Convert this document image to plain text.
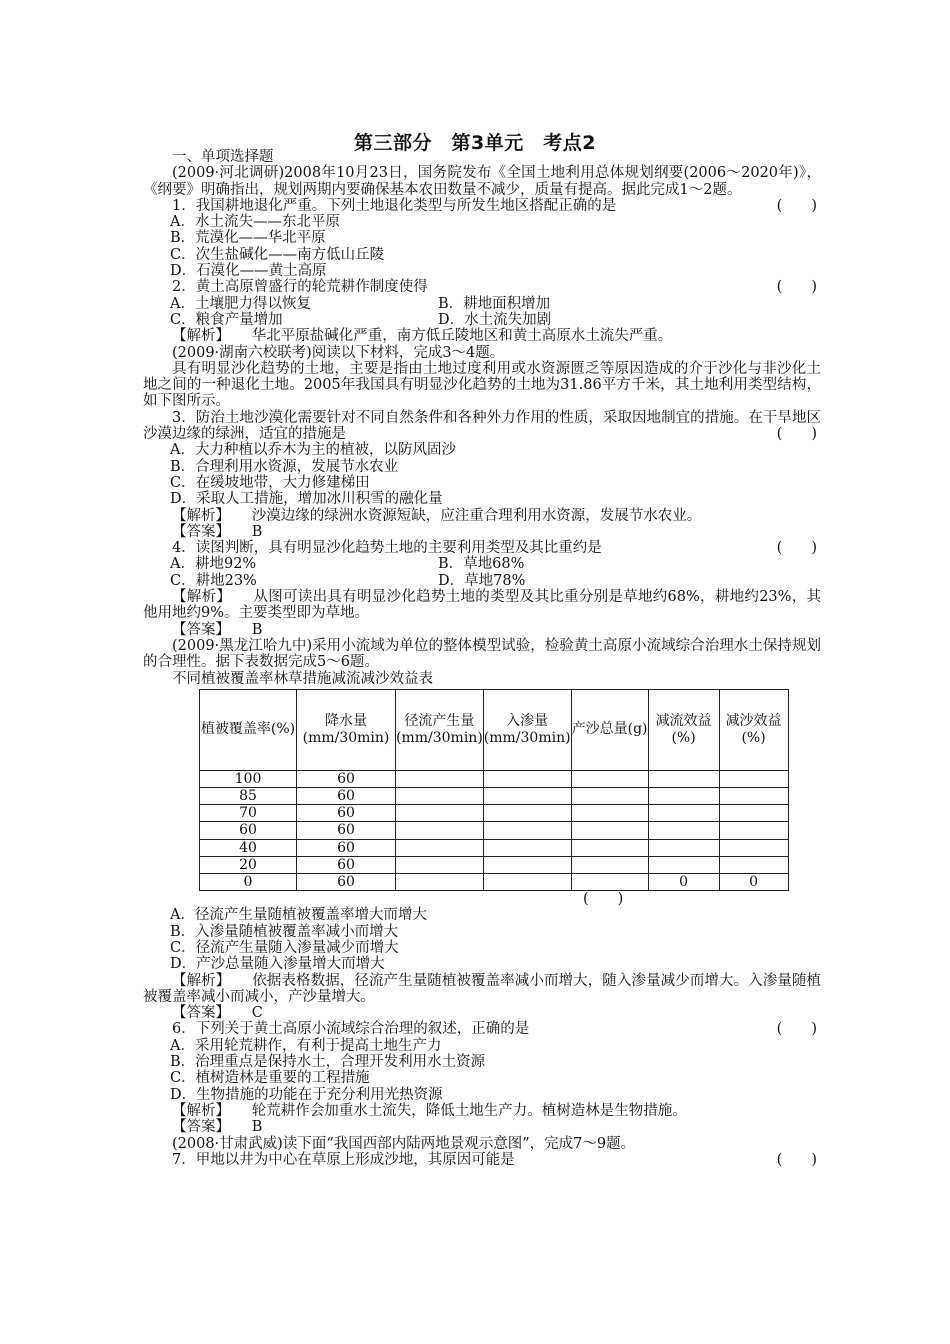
第三部分　第3单元　考点2

一、单项选择题

(2009·河北调研)2008年10月23日，国务院发布《全国土地利用总体规划纲要(2006～2020年)》，《纲要》明确指出，规划两期内要确保基本农田数量不减少，质量有提高。据此完成1～2题。

1．我国耕地退化严重。下列土地退化类型与所发生地区搭配正确的是	(　　)

A．水土流失——东北平原

B．荒漠化——华北平原

C．次生盐碱化——南方低山丘陵

D．石漠化——黄土高原

2．黄土高原曾盛行的轮荒耕作制度使得	(　　)
A．土壤肥力得以恢复	B．耕地面积增加
C．粮食产量增加	D．水土流失加剧

【解析】　　 华北平原盐碱化严重，南方低丘陵地区和黄土高原水土流失严重。

(2009·湖南六校联考)阅读以下材料，完成3～4题。

具有明显沙化趋势的土地，主要是指由土地过度利用或水资源匮乏等原因造成的介于沙化与非沙化土地之间的一种退化土地。2005年我国具有明显沙化趋势的土地为31.86平方千米，其土地利用类型结构，如下图所示。

3．防治土地沙漠化需要针对不同自然条件和各种外力作用的性质，采取因地制宜的措施。在干旱地区沙漠边缘的绿洲，适宜的措施是	(　　)

A．大力种植以乔木为主的植被，以防风固沙

B．合理利用水资源，发展节水农业

C．在缓坡地带，大力修建梯田

D．采取人工措施，增加冰川积雪的融化量

【解析】　　 沙漠边缘的绿洲水资源短缺，应注重合理利用水资源，发展节水农业。

【答案】　　 B

4．读图判断，具有明显沙化趋势土地的主要利用类型及其比重约是	(　　)
A．耕地92%	B．草地68%
C．耕地23%	D．草地78%

【解析】　　 从图可读出具有明显沙化趋势土地的类型及其比重分别是草地约68%，耕地约23%，其他用地约9%。主要类型即为草地。

【答案】　　 B

(2009·黑龙江哈九中)采用小流域为单位的整体模型试验，检验黄土高原小流域综合治理水土保持规划的合理性。据下表数据完成5～6题。

不同植被覆盖率林草措施减流减沙效益表

植被覆盖率(%)	降水量(mm/30min)	径流产生量(mm/30min)	入渗量(mm/30min)	产沙总量(g)	减流效益(%)	减沙效益(%)
100	60					
85	60					
70	60					
60	60					
40	60					
20	60					
0	60				0	0

(　　)

A．径流产生量随植被覆盖率增大而增大

B．入渗量随植被覆盖率减小而增大

C．径流产生量随入渗量减少而增大

D．产沙总量随入渗量增大而增大

【解析】　　 依据表格数据，径流产生量随植被覆盖率减小而增大，随入渗量减少而增大。入渗量随植被覆盖率减小而减小，产沙量增大。

【答案】　　 C

6．下列关于黄土高原小流域综合治理的叙述，正确的是	(　　)

A．采用轮荒耕作，有利于提高土地生产力

B．治理重点是保持水土，合理开发利用水土资源

C．植树造林是重要的工程措施

D．生物措施的功能在于充分利用光热资源

【解析】　　 轮荒耕作会加重水土流失，降低土地生产力。植树造林是生物措施。

【答案】　　 B

(2008·甘肃武威)读下面“我国西部内陆两地景观示意图”，完成7～9题。

7．甲地以井为中心在草原上形成沙地，其原因可能是	(　　)
